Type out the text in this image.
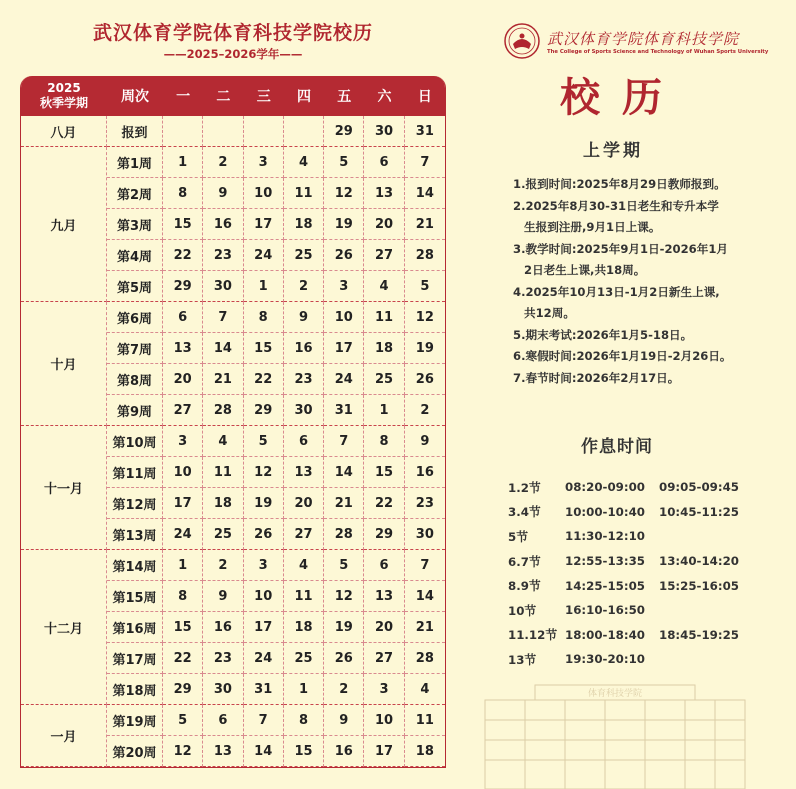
武汉体育学院体育科技学院校历
——2025–2026学年——
2025
秋季学期	周次	一	二	三	四	五	六	日
八月	报到					29	30	31
九月	第1周	1	2	3	4	5	6	7
	第2周	8	9	10	11	12	13	14
	第3周	15	16	17	18	19	20	21
	第4周	22	23	24	25	26	27	28
	第5周	29	30	1	2	3	4	5
十月	第6周	6	7	8	9	10	11	12
	第7周	13	14	15	16	17	18	19
	第8周	20	21	22	23	24	25	26
	第9周	27	28	29	30	31	1	2
十一月	第10周	3	4	5	6	7	8	9
	第11周	10	11	12	13	14	15	16
	第12周	17	18	19	20	21	22	23
	第13周	24	25	26	27	28	29	30
十二月	第14周	1	2	3	4	5	6	7
	第15周	8	9	10	11	12	13	14
	第16周	15	16	17	18	19	20	21
	第17周	22	23	24	25	26	27	28
	第18周	29	30	31	1	2	3	4
一月	第19周	5	6	7	8	9	10	11
	第20周	12	13	14	15	16	17	18
武汉体育学院体育科技学院
The College of Sports Science and Technology of Wuhan Sports University
校历
上学期
1.报到时间:2025年8月29日教师报到。
2.2025年8月30-31日老生和专升本学
生报到注册,9月1日上课。
3.教学时间:2025年9月1日-2026年1月
2日老生上课,共18周。
4.2025年10月13日-1月2日新生上课,
共12周。
5.期末考试:2026年1月5-18日。
6.寒假时间:2026年1月19日-2月26日。
7.春节时间:2026年2月17日。
作息时间
1.2节	08:20-09:00	09:05-09:45
3.4节	10:00-10:40	10:45-11:25
5节	11:30-12:10
6.7节	12:55-13:35	13:40-14:20
8.9节	14:25-15:05	15:25-16:05
10节	16:10-16:50
11.12节 18:00-18:40	18:45-19:25
13节	19:30-20:10
体育科技学院
